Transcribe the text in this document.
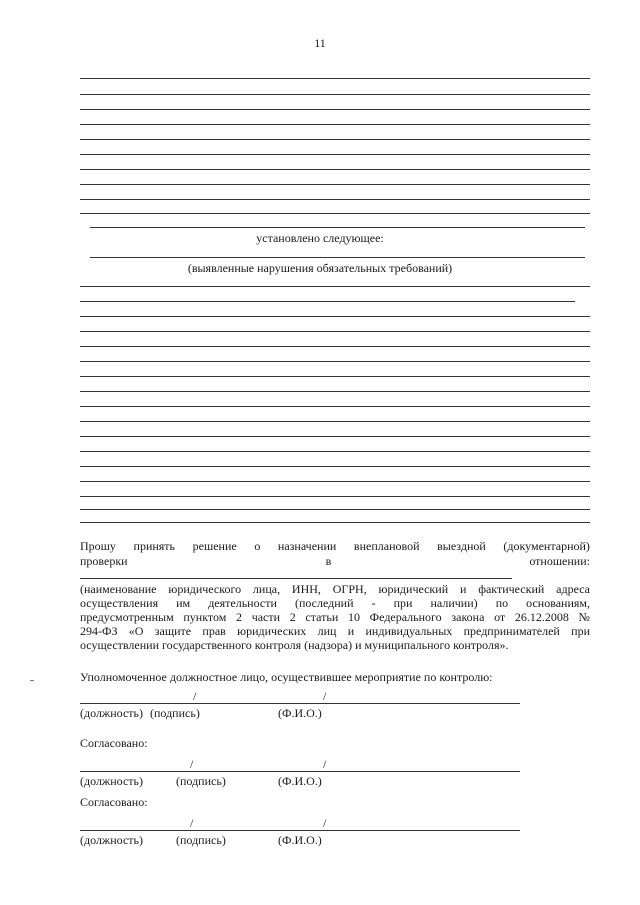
11
установлено следующее:
(выявленные нарушения обязательных требований)
Прошу принять решение о назначении внеплановой выездной (документарной)
проверки	в	отношении:
(наименование юридического лица, ИНН, ОГРН, юридический и фактический адреса
осуществления им деятельности (последний - при наличии) по основаниям,
предусмотренным пунктом 2 части 2 статьи 10 Федерального закона от 26.12.2008 №
294-ФЗ «О защите прав юридических лиц и индивидуальных предпринимателей при
осуществлении государственного контроля (надзора) и муниципального контроля».
Уполномоченное должностное лицо, осуществившее мероприятие по контролю:
/	/
(должность) (подпись)	(Ф.И.О.)
Согласовано:
/	/
(должность)	(подпись)	(Ф.И.О.)
Согласовано:
/	/
(должность)	(подпись)	(Ф.И.О.)
